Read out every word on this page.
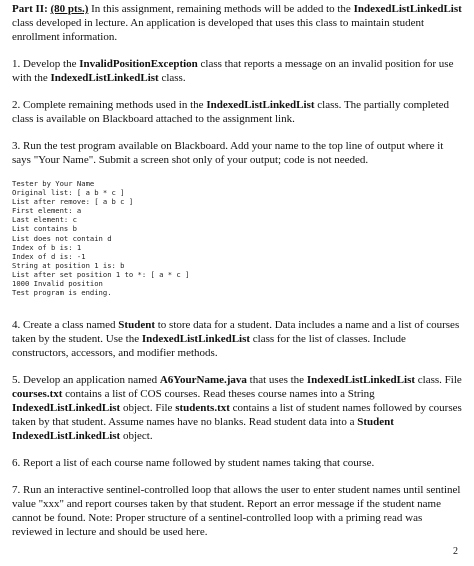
Part II: (80 pts.) In this assignment, remaining methods will be added to the IndexedListLinkedList class developed in lecture. An application is developed that uses this class to maintain student enrollment information.

1. Develop the InvalidPositionException class that reports a message on an invalid position for use with the IndexedListLinkedList class.

2. Complete remaining methods used in the IndexedListLinkedList class. The partially completed class is available on Blackboard attached to the assignment link.

3. Run the test program available on Blackboard. Add your name to the top line of output where it says "Your Name". Submit a screen shot only of your output; code is not needed.

Tester by Your Name
Original list: [ a b * c ]
List after remove: [ a b c ]
First element: a
Last element: c
List contains b
List does not contain d
Index of b is: 1
Index of d is: -1
String at position 1 is: b
List after set position 1 to *: [ a * c ]
1000 Invalid position
Test program is ending.

4. Create a class named Student to store data for a student. Data includes a name and a list of courses taken by the student. Use the IndexedListLinkedList class for the list of classes. Include constructors, accessors, and modifier methods.

5. Develop an application named A6YourName.java that uses the IndexedListLinkedList class. File courses.txt contains a list of COS courses. Read theses course names into a String IndexedListLinkedList object. File students.txt contains a list of student names followed by courses taken by that student. Assume names have no blanks. Read student data into a Student IndexedListLinkedList object.

6. Report a list of each course name followed by student names taking that course.

7. Run an interactive sentinel-controlled loop that allows the user to enter student names until sentinel value "xxx" and report courses taken by that student. Report an error message if the student name cannot be found. Note: Proper structure of a sentinel-controlled loop with a priming read was reviewed in lecture and should be used here.

2
